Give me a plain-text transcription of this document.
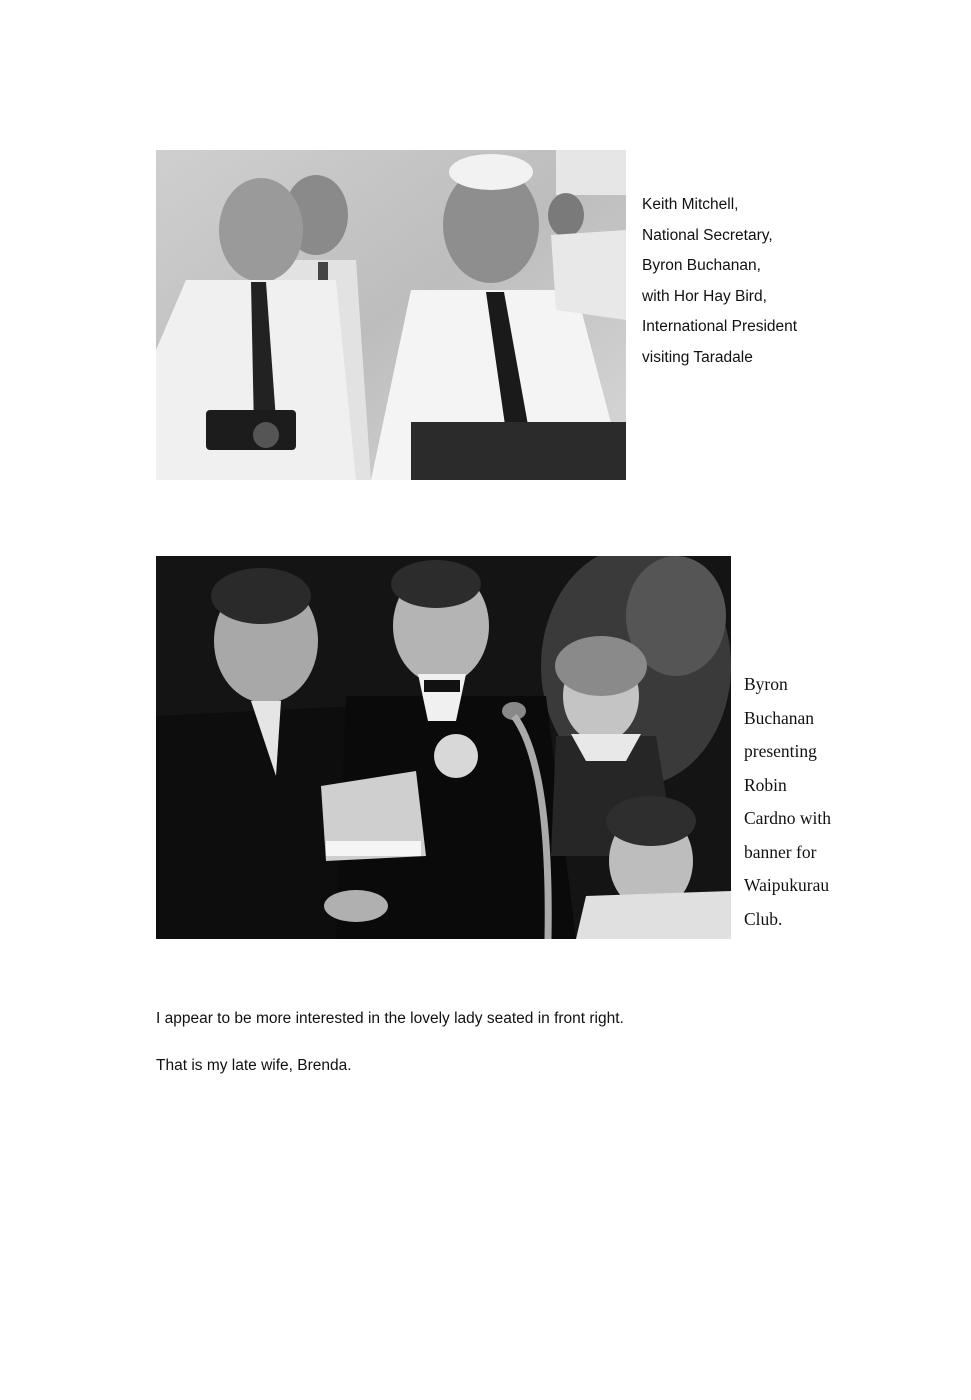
Keith Mitchell,
National Secretary,
Byron Buchanan,
with Hor Hay Bird,
International President
visiting Taradale
Byron
Buchanan
presenting
Robin
Cardno with
banner for
Waipukurau
Club.

I appear to be more interested in the lovely lady seated in front right.

That is my late wife, Brenda.
